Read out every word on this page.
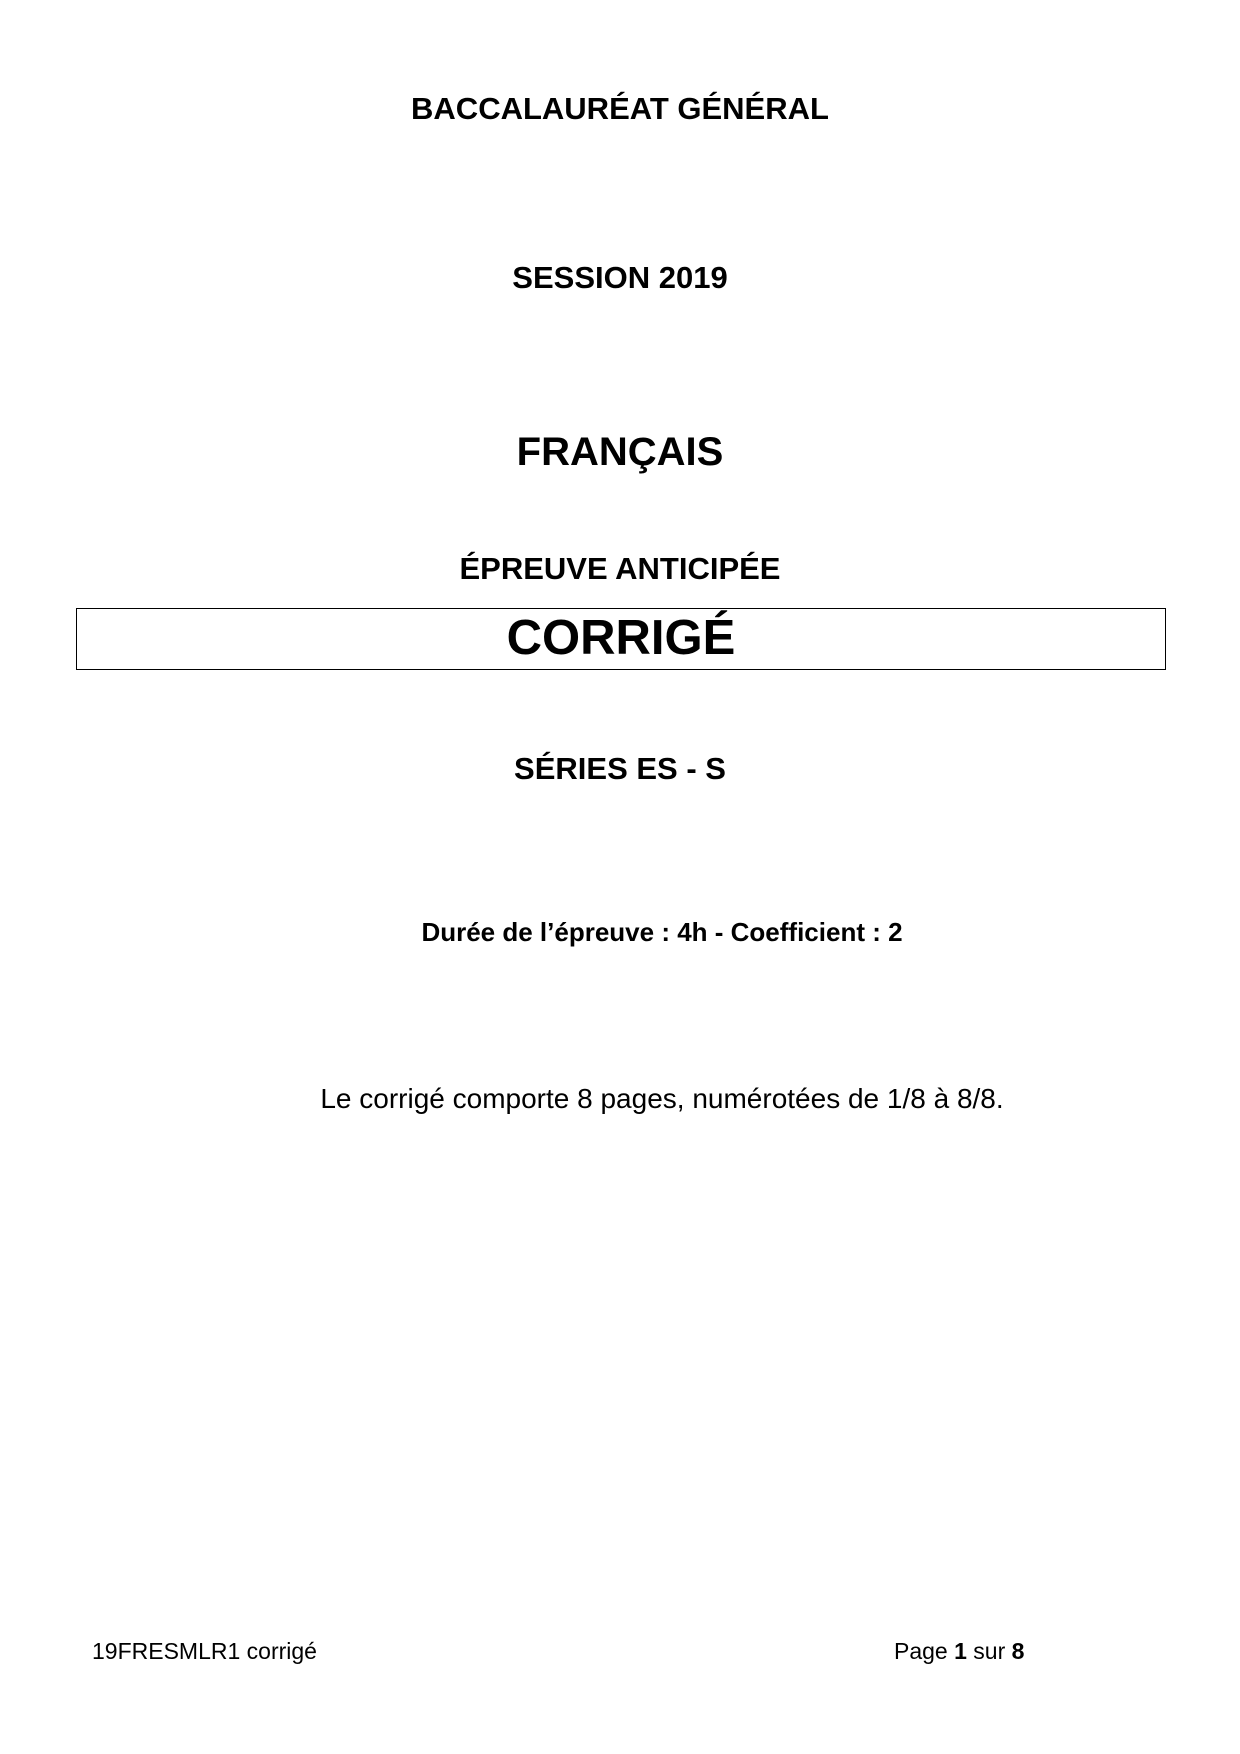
BACCALAURÉAT GÉNÉRAL
SESSION 2019
FRANÇAIS
ÉPREUVE ANTICIPÉE
CORRIGÉ
SÉRIES ES - S
Durée de l’épreuve : 4h - Coefficient : 2
Le corrigé comporte 8 pages, numérotées de 1/8 à 8/8.
19FRESMLR1 corrigé	Page 1 sur 8
